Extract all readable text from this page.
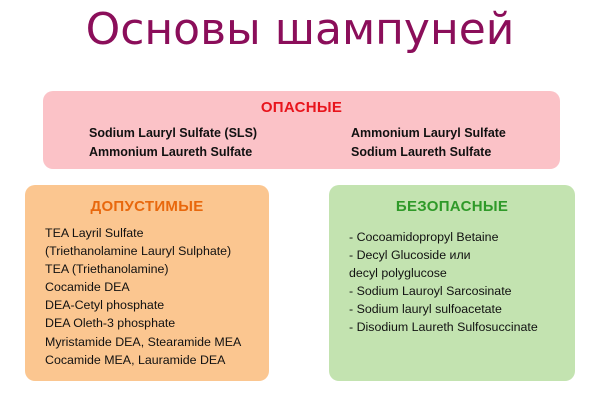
Основы шампуней
ОПАСНЫЕ
Sodium Lauryl Sulfate (SLS)	Ammonium Lauryl Sulfate
Ammonium Laureth Sulfate	Sodium Laureth Sulfate
ДОПУСТИМЫЕ
TEA Layril Sulfate
(Triethanolamine Lauryl Sulphate)
TEA (Triethanolamine)
Cocamide DEA
DEA-Cetyl phosphate
DEA Oleth-3 phosphate
Myristamide DEA, Stearamide MEA
Cocamide MEA, Lauramide DEA
БЕЗОПАСНЫЕ
- Cocoamidopropyl Betaine
- Decyl Glucoside или
decyl polyglucose
- Sodium Lauroyl Sarcosinate
- Sodium lauryl sulfoacetate
- Disodium Laureth Sulfosuccinate
